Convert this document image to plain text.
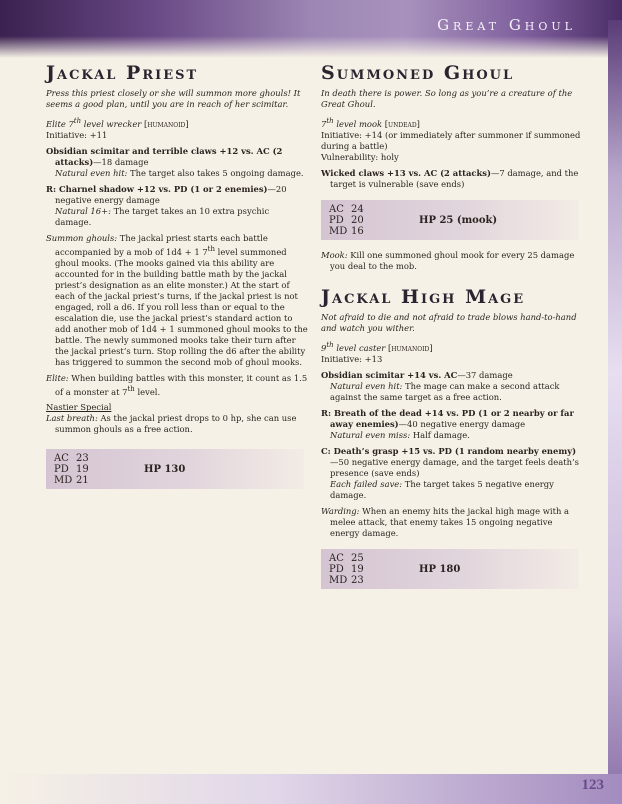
Great Ghoul
123
Jackal Priest

Press this priest closely or she will summon more ghouls! It seems a good plan, until you are in reach of her scimitar.

Elite 7th level wrecker [humanoid]

Initiative: +11

Obsidian scimitar and terrible claws +12 vs. AC (2 attacks)—18 damage
Natural even hit: The target also takes 5 ongoing damage.
R: Charnel shadow +12 vs. PD (1 or 2 enemies)—20 negative energy damage
Natural 16+: The target takes an 10 extra psychic damage.
Summon ghouls: The jackal priest starts each battle accompanied by a mob of 1d4 + 1 7th level summoned ghoul mooks. (The mooks gained via this ability are accounted for in the building battle math by the jackal priest’s designation as an elite monster.) At the start of each of the jackal priest’s turns, if the jackal priest is not engaged, roll a d6. If you roll less than or equal to the escalation die, use the jackal priest’s standard action to add another mob of 1d4 + 1 summoned ghoul mooks to the battle. The newly summoned mooks take their turn after the jackal priest’s turn. Stop rolling the d6 after the ability has triggered to summon the second mob of ghoul mooks.
Elite: When building battles with this monster, it count as 1.5 of a monster at 7th level.
Nastier Special
Last breath: As the jackal priest drops to 0 hp, she can use summon ghouls as a free action.
AC 23
PD 19
MD 21
HP 130
Summoned Ghoul

In death there is power. So long as you’re a creature of the Great Ghoul.

7th level mook [undead]

Initiative: +14 (or immediately after summoner if summoned during a battle)

Vulnerability: holy

Wicked claws +13 vs. AC (2 attacks)—7 damage, and the target is vulnerable (save ends)
AC 24
PD 20
MD 16
HP 25 (mook)
Mook: Kill one summoned ghoul mook for every 25 damage you deal to the mob.
Jackal High Mage

Not afraid to die and not afraid to trade blows hand-to-hand and watch you wither.

9th level caster [humanoid]

Initiative: +13

Obsidian scimitar +14 vs. AC—37 damage
Natural even hit: The mage can make a second attack against the same target as a free action.
R: Breath of the dead +14 vs. PD (1 or 2 nearby or far away enemies)—40 negative energy damage
Natural even miss: Half damage.
C: Death’s grasp +15 vs. PD (1 random nearby enemy)—50 negative energy damage, and the target feels death’s presence (save ends)
Each failed save: The target takes 5 negative energy damage.
Warding: When an enemy hits the jackal high mage with a melee attack, that enemy takes 15 ongoing negative energy damage.
AC 25
PD 19
MD 23
HP 180
